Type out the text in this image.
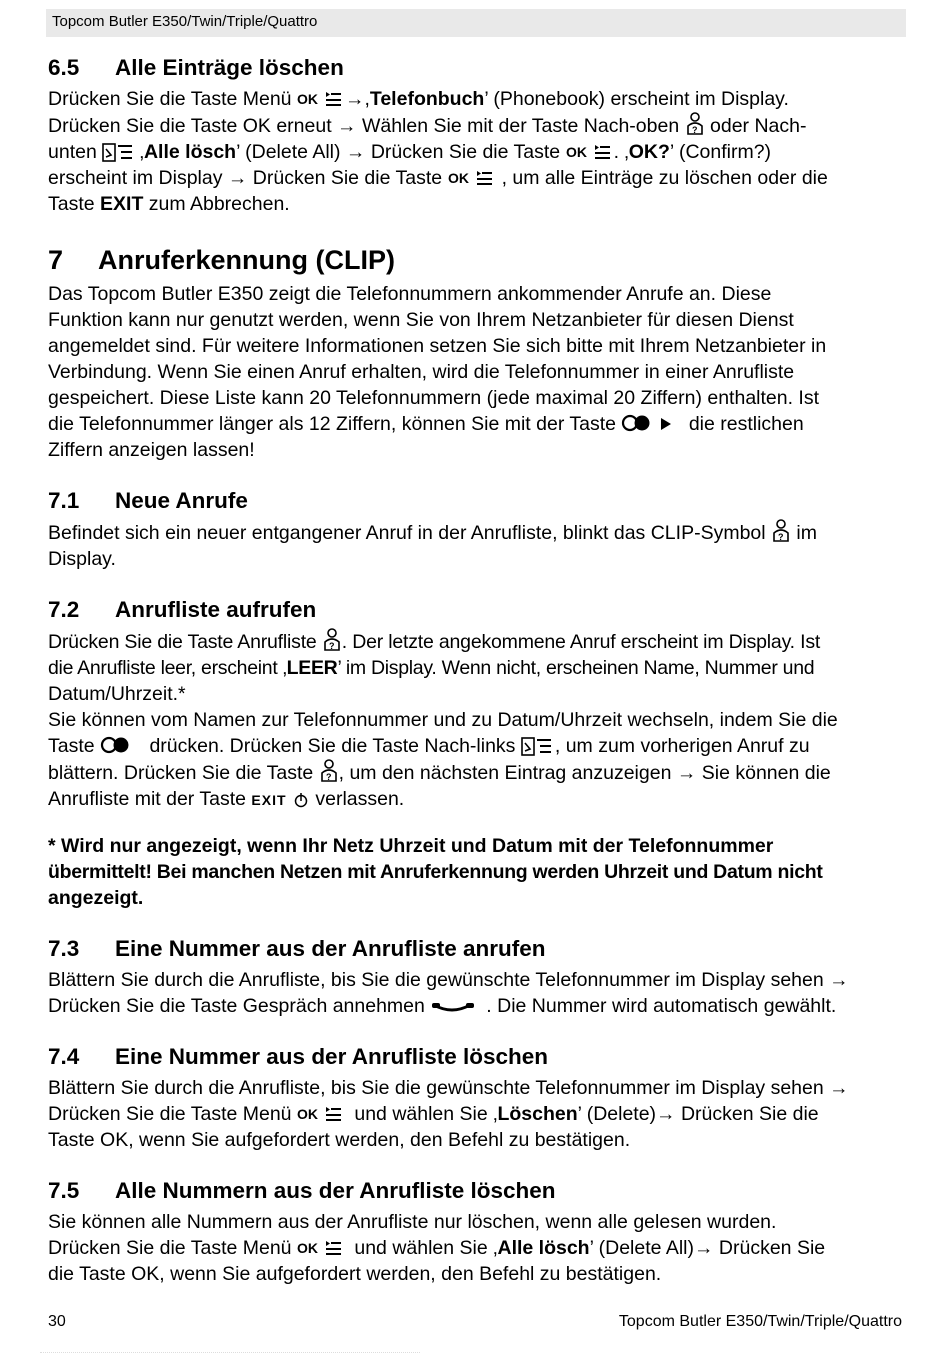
Topcom Butler E350/Twin/Triple/Quattro
6.5 Alle Einträge löschen

Drücken Sie die Taste Menü →,Telefonbuch’ (Phonebook) erscheint im Display.

Drücken Sie die Taste OK erneut → Wählen Sie mit der Taste Nach-oben  oder Nach-

unten  ‚Alle lösch’ (Delete All) → Drücken Sie die Taste . ‚OK?’ (Confirm?)

erscheint im Display → Drücken Sie die Taste	, um alle Einträge zu löschen oder die

Taste EXIT zum Abbrechen.

7 Anruferkennung (CLIP)

Das Topcom Butler E350 zeigt die Telefonnummern ankommender Anrufe an. Diese

Funktion kann nur genutzt werden, wenn Sie von Ihrem Netzanbieter für diesen Dienst

angemeldet sind. Für weitere Informationen setzen Sie sich bitte mit Ihrem Netzanbieter in

Verbindung. Wenn Sie einen Anruf erhalten, wird die Telefonnummer in einer Anrufliste

gespeichert. Diese Liste kann 20 Telefonnummern (jede maximal 20 Ziffern) enthalten. Ist

die Telefonnummer länger als 12 Ziffern, können Sie mit der Taste	die restlichen

Ziffern anzeigen lassen!

7.1 Neue Anrufe

Befindet sich ein neuer entgangener Anruf in der Anrufliste, blinkt das CLIP-Symbol  im

Display.

7.2 Anrufliste aufrufen

Drücken Sie die Taste Anrufliste . Der letzte angekommene Anruf erscheint im Display. Ist

die Anrufliste leer, erscheint ‚LEER’ im Display. Wenn nicht, erscheinen Name, Nummer und

Datum/Uhrzeit.*

Sie können vom Namen zur Telefonnummer und zu Datum/Uhrzeit wechseln, indem Sie die

Taste  drücken. Drücken Sie die Taste Nach-links , um zum vorherigen Anruf zu

blättern. Drücken Sie die Taste , um den nächsten Eintrag anzuzeigen → Sie können die

Anrufliste mit der Taste EXIT  verlassen.

* Wird nur angezeigt, wenn Ihr Netz Uhrzeit und Datum mit der Telefonnummer

übermittelt! Bei manchen Netzen mit Anruferkennung werden Uhrzeit und Datum nicht

angezeigt.

7.3 Eine Nummer aus der Anrufliste anrufen

Blättern Sie durch die Anrufliste, bis Sie die gewünschte Telefonnummer im Display sehen →

Drücken Sie die Taste Gespräch annehmen	. Die Nummer wird automatisch gewählt.

7.4 Eine Nummer aus der Anrufliste löschen

Blättern Sie durch die Anrufliste, bis Sie die gewünschte Telefonnummer im Display sehen →

Drücken Sie die Taste Menü	und wählen Sie ‚Löschen’ (Delete)→ Drücken Sie die

Taste OK, wenn Sie aufgefordert werden, den Befehl zu bestätigen.

7.5 Alle Nummern aus der Anrufliste löschen

Sie können alle Nummern aus der Anrufliste nur löschen, wenn alle gelesen wurden.

Drücken Sie die Taste Menü	und wählen Sie ‚Alle lösch’ (Delete All)→ Drücken Sie

die Taste OK, wenn Sie aufgefordert werden, den Befehl zu bestätigen.

30	Topcom Butler E350/Twin/Triple/Quattro
